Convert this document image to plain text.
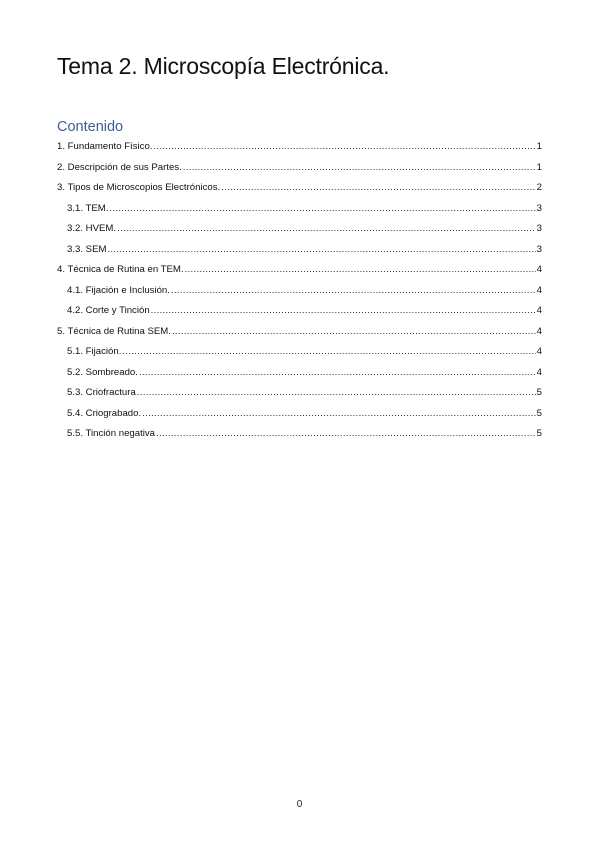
Tema 2. Microscopía Electrónica.
Contenido
1. Fundamento Físico. .....	1
2. Descripción de sus Partes. .....	1
3. Tipos de Microscopios Electrónicos. .....	2
3.1. TEM. .....	3
3.2. HVEM. .....	3
3.3. SEM .....	3
4. Técnica de Rutina en TEM. .....	4
4.1. Fijación e Inclusión. .....	4
4.2. Corte y Tinción .....	4
5. Técnica de Rutina SEM. .....	4
5.1. Fijación. .....	4
5.2. Sombreado. .....	4
5.3. Criofractura .....	5
5.4. Criograbado. .....	5
5.5. Tinción negativa .....	5
0
